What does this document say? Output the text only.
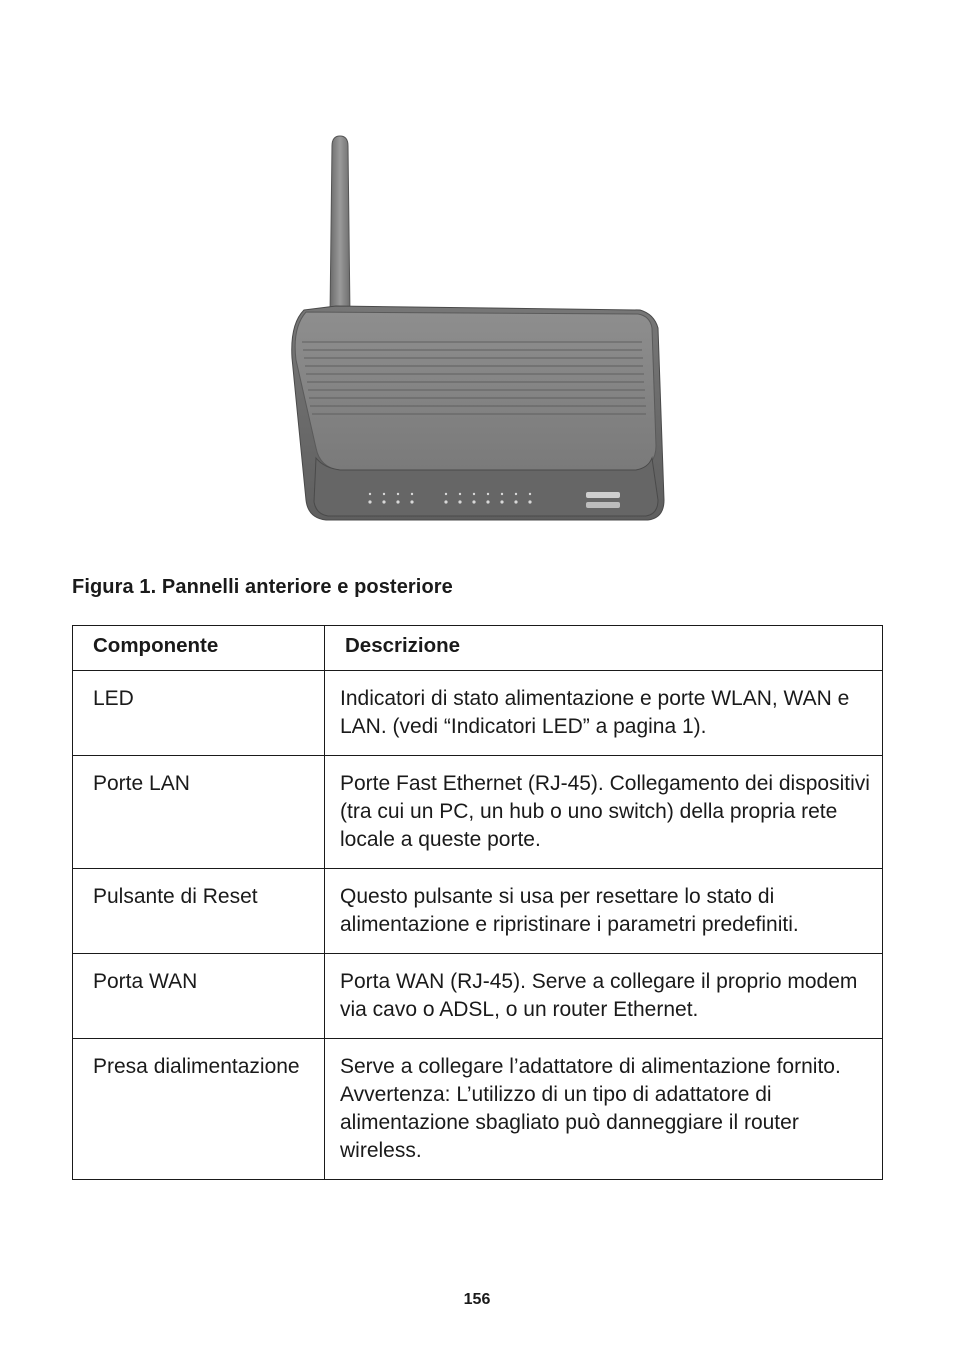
Figura 1. Pannelli anteriore e posteriore
Componente	Descrizione
LED	Indicatori di stato alimentazione e porte WLAN, WAN e LAN. (vedi “Indicatori LED” a pagina 1).

Porte LAN	Porte Fast Ethernet (RJ-45). Collegamento dei dispositivi (tra cui un PC, un hub o uno switch) della propria rete locale a queste porte.

Pulsante di Reset	Questo pulsante si usa per resettare lo stato di alimentazione e ripristinare i parametri predefiniti.

Porta WAN	Porta WAN (RJ-45). Serve a collegare il proprio modem via cavo o ADSL, o un router Ethernet.

Presa dialimentazione	Serve a collegare l’adattatore di alimentazione fornito.
Avvertenza: L’utilizzo di un tipo di adattatore di alimentazione sbagliato può danneggiare il router wireless.
156
